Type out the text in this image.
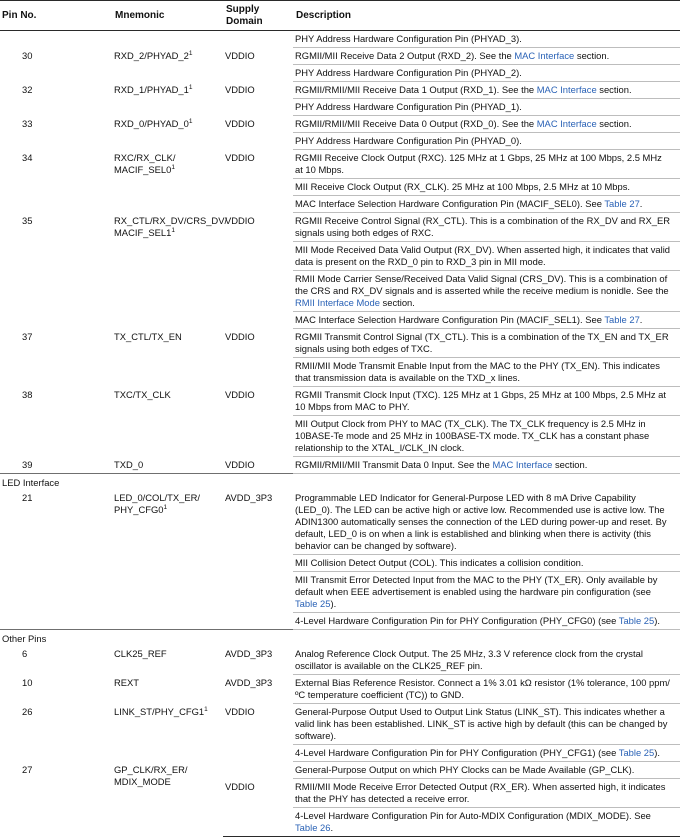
Pin No.	Mnemonic	Supply Domain	Description
			PHY Address Hardware Configuration Pin (PHYAD_3).
30	$RXD\_2/PHYAD\_2^1$	VDDIO	RGMII/MII Receive Data 2 Output (RXD_2). See the MAC Interface section.
			PHY Address Hardware Configuration Pin (PHYAD_2).
32	$RXD\_1/PHYAD\_1^1$	VDDIO	RGMII/RMII/MII Receive Data 1 Output (RXD_1). See the MAC Interface section.
			PHY Address Hardware Configuration Pin (PHYAD_1).
33	$RXD\_0/PHYAD\_0^1$	VDDIO	RGMII/RMII/MII Receive Data 0 Output (RXD_0). See the MAC Interface section.
			PHY Address Hardware Configuration Pin (PHYAD_0).
34	RXC/RX_CLK/ $MACIF\_SEL0^1$	VDDIO	RGMII Receive Clock Output (RXC). 125 MHz at 1 Gbps, 25 MHz at 100 Mbps, 2.5 MHz at 10 Mbps.
			MII Receive Clock Output (RX_CLK). 25 MHz at 100 Mbps, 2.5 MHz at 10 Mbps.
			MAC Interface Selection Hardware Configuration Pin (MACIF_SEL0). See Table 27.
35	RX_CTL/RX_DV/CRS_DV/ $MACIF\_SEL1^1$	VDDIO	RGMII Receive Control Signal (RX_CTL). This is a combination of the RX_DV and RX_ER signals using both edges of RXC.
			MII Mode Received Data Valid Output (RX_DV). When asserted high, it indicates that valid data is present on the RXD_0 pin to RXD_3 pin in MII mode.
			RMII Mode Carrier Sense/Received Data Valid Signal (CRS_DV). This is a combination of the CRS and RX_DV signals and is asserted while the receive medium is nonidle. See the RMII Interface Mode section.
			MAC Interface Selection Hardware Configuration Pin (MACIF_SEL1). See Table 27.
37	TX_CTL/TX_EN	VDDIO	RGMII Transmit Control Signal (TX_CTL). This is a combination of the TX_EN and TX_ER signals using both edges of TXC.
			RMII/MII Mode Transmit Enable Input from the MAC to the PHY (TX_EN). This indicates that transmission data is available on the TXD_x lines.
38	TXC/TX_CLK	VDDIO	RGMII Transmit Clock Input (TXC). 125 MHz at 1 Gbps, 25 MHz at 100 Mbps, 2.5 MHz at 10 Mbps from MAC to PHY.
			MII Output Clock from PHY to MAC (TX_CLK). The TX_CLK frequency is 2.5 MHz in 10BASE-Te mode and 25 MHz in 100BASE-TX mode. TX_CLK has a constant phase relationship to the XTAL_I/CLK_IN clock.
39	TXD_0	VDDIO	RGMII/RMII/MII Transmit Data 0 Input. See the MAC Interface section.
LED Interface			
21	LED_0/COL/TX_ER/ $PHY\_CFG0^1$	AVDD_3P3	Programmable LED Indicator for General-Purpose LED with 8 mA Drive Capability (LED_0). The LED can be active high or active low. Recommended use is active low. The ADIN1300 automatically senses the connection of the LED during power-up and reset. By default, LED_0 is on when a link is established and blinking when there is activity (this behavior can be changed by software).
			MII Collision Detect Output (COL). This indicates a collision condition.
			MII Transmit Error Detected Input from the MAC to the PHY (TX_ER). Only available by default when EEE advertisement is enabled using the hardware pin configuration (see Table 25).
			4-Level Hardware Configuration Pin for PHY Configuration (PHY_CFG0) (see Table 25).
Other Pins			
6	CLK25_REF	AVDD_3P3	Analog Reference Clock Output. The 25 MHz, 3.3 V reference clock from the crystal oscillator is available on the CLK25_REF pin.
10	REXT	AVDD_3P3	External Bias Reference Resistor. Connect a 1% 3.01 kΩ resistor (1% tolerance, 100 ppm/ºC temperature coefficient (TC)) to GND.
26	$LINK\_ST/PHY\_CFG1^1$	VDDIO	General-Purpose Output Used to Output Link Status (LINK_ST). This indicates whether a valid link has been established. LINK_ST is active high by default (this can be changed by software).
			4-Level Hardware Configuration Pin for PHY Configuration (PHY_CFG1) (see Table 25).
27	GP_CLK/RX_ER/ MDIX_MODE		General-Purpose Output on which PHY Clocks can be Made Available (GP_CLK).
		VDDIO	RMII/MII Mode Receive Error Detected Output (RX_ER). When asserted high, it indicates that the PHY has detected a receive error.
			4-Level Hardware Configuration Pin for Auto-MDIX Configuration (MDIX_MODE). See Table 26.
